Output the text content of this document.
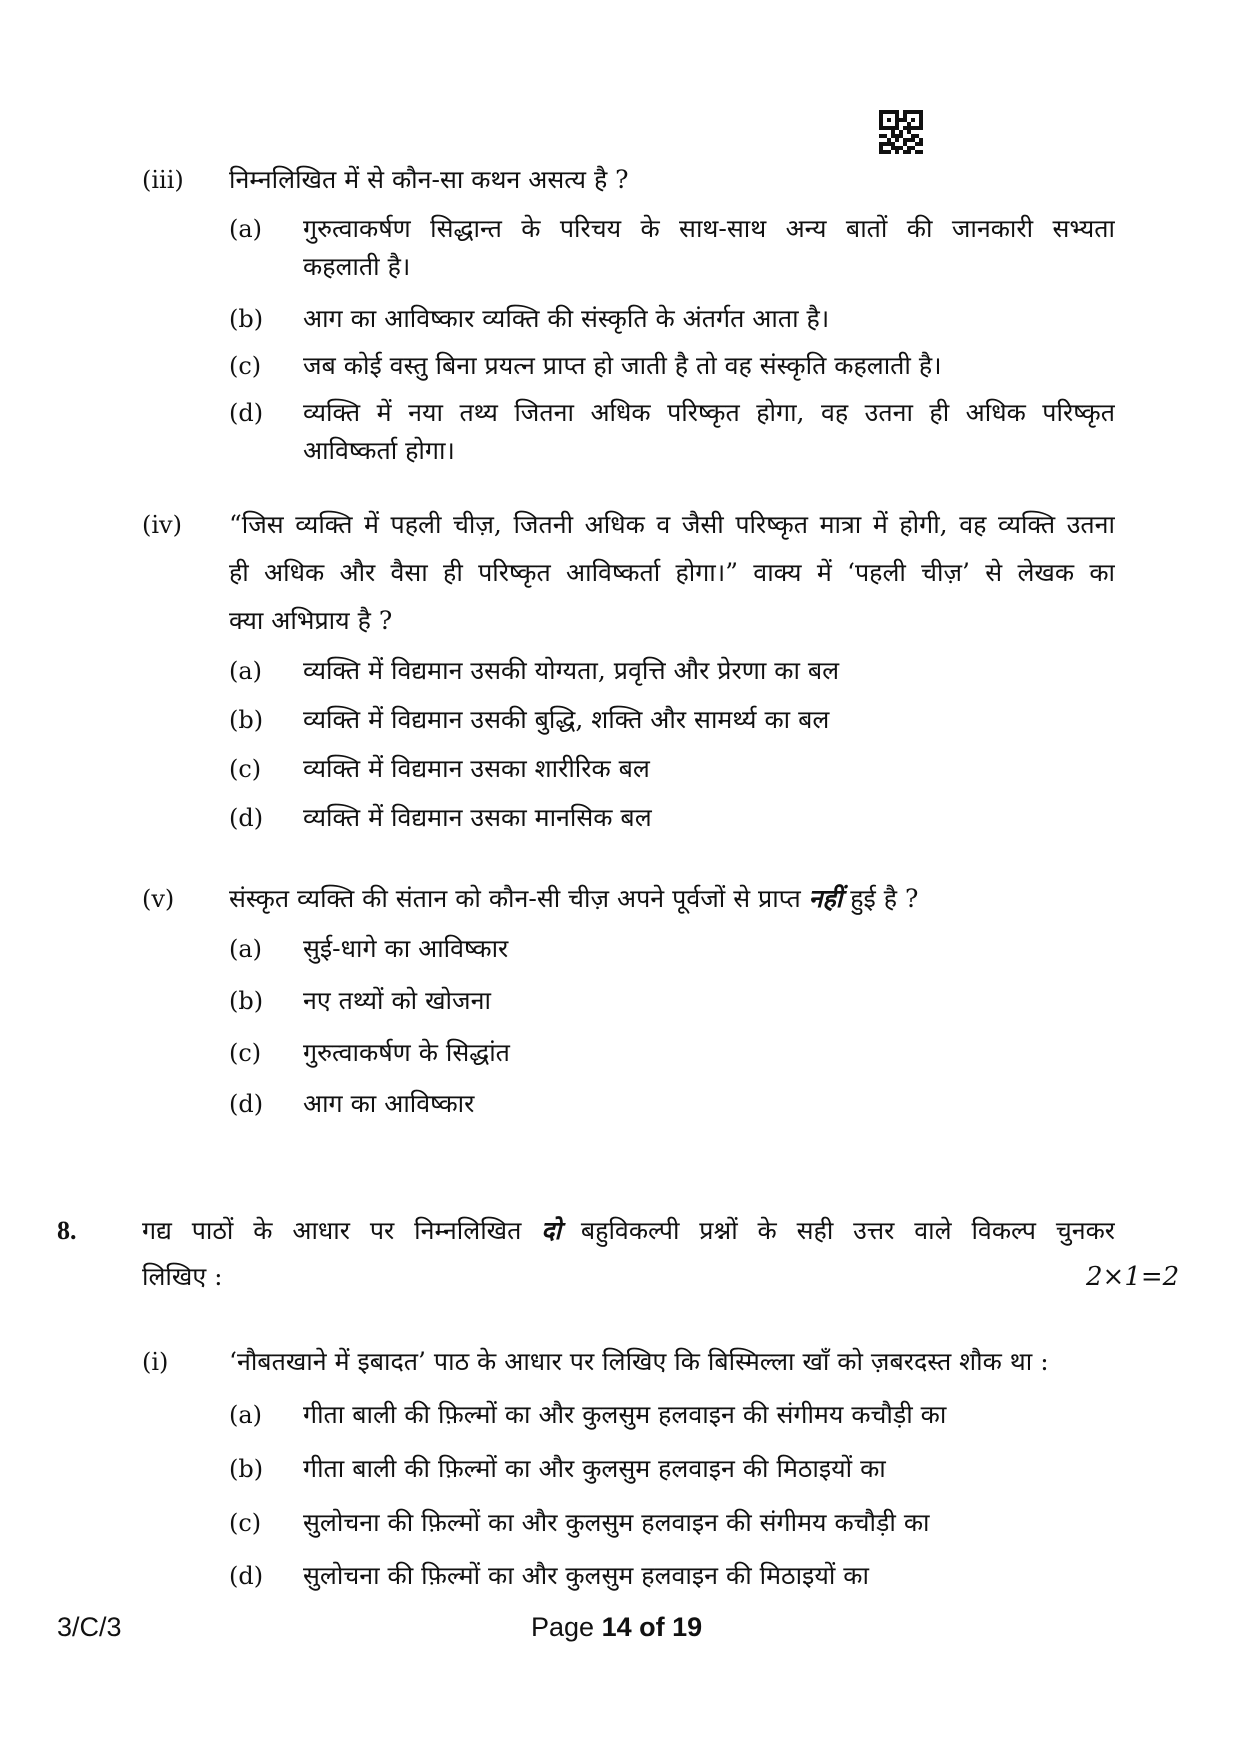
(iii) निम्नलिखित में से कौन-सा कथन असत्य है ?
(a) गुरुत्वाकर्षण सिद्धान्त के परिचय के साथ-साथ अन्य बातों की जानकारी सभ्यता
कहलाती है।
(b) आग का आविष्कार व्यक्ति की संस्कृति के अंतर्गत आता है।
(c) जब कोई वस्तु बिना प्रयत्न प्राप्त हो जाती है तो वह संस्कृति कहलाती है।
(d) व्यक्ति में नया तथ्य जितना अधिक परिष्कृत होगा, वह उतना ही अधिक परिष्कृत
आविष्कर्ता होगा।
(iv) “जिस व्यक्ति में पहली चीज़, जितनी अधिक व जैसी परिष्कृत मात्रा में होगी, वह व्यक्ति उतना
ही अधिक और वैसा ही परिष्कृत आविष्कर्ता होगा।” वाक्य में ‘पहली चीज़’ से लेखक का
क्या अभिप्राय है ?
(a) व्यक्ति में विद्यमान उसकी योग्यता, प्रवृत्ति और प्रेरणा का बल
(b) व्यक्ति में विद्यमान उसकी बुद्धि, शक्ति और सामर्थ्य का बल
(c) व्यक्ति में विद्यमान उसका शारीरिक बल
(d) व्यक्ति में विद्यमान उसका मानसिक बल
(v) संस्कृत व्यक्ति की संतान को कौन-सी चीज़ अपने पूर्वजों से प्राप्त नहीं हुई है ?
(a) सुई-धागे का आविष्कार
(b) नए तथ्यों को खोजना
(c) गुरुत्वाकर्षण के सिद्धांत
(d) आग का आविष्कार
8.	गद्य पाठों के आधार पर निम्नलिखित दो बहुविकल्पी प्रश्नों के सही उत्तर वाले विकल्प चुनकर
लिखिए :	2×1=2
(i) ‘नौबतखाने में इबादत’ पाठ के आधार पर लिखिए कि बिस्मिल्ला खाँ को ज़बरदस्त शौक था :
(a) गीता बाली की फ़िल्मों का और कुलसुम हलवाइन की संगीमय कचौड़ी का
(b) गीता बाली की फ़िल्मों का और कुलसुम हलवाइन की मिठाइयों का
(c) सुलोचना की फ़िल्मों का और कुलसुम हलवाइन की संगीमय कचौड़ी का
(d) सुलोचना की फ़िल्मों का और कुलसुम हलवाइन की मिठाइयों का
3/C/3	Page 14 of 19
